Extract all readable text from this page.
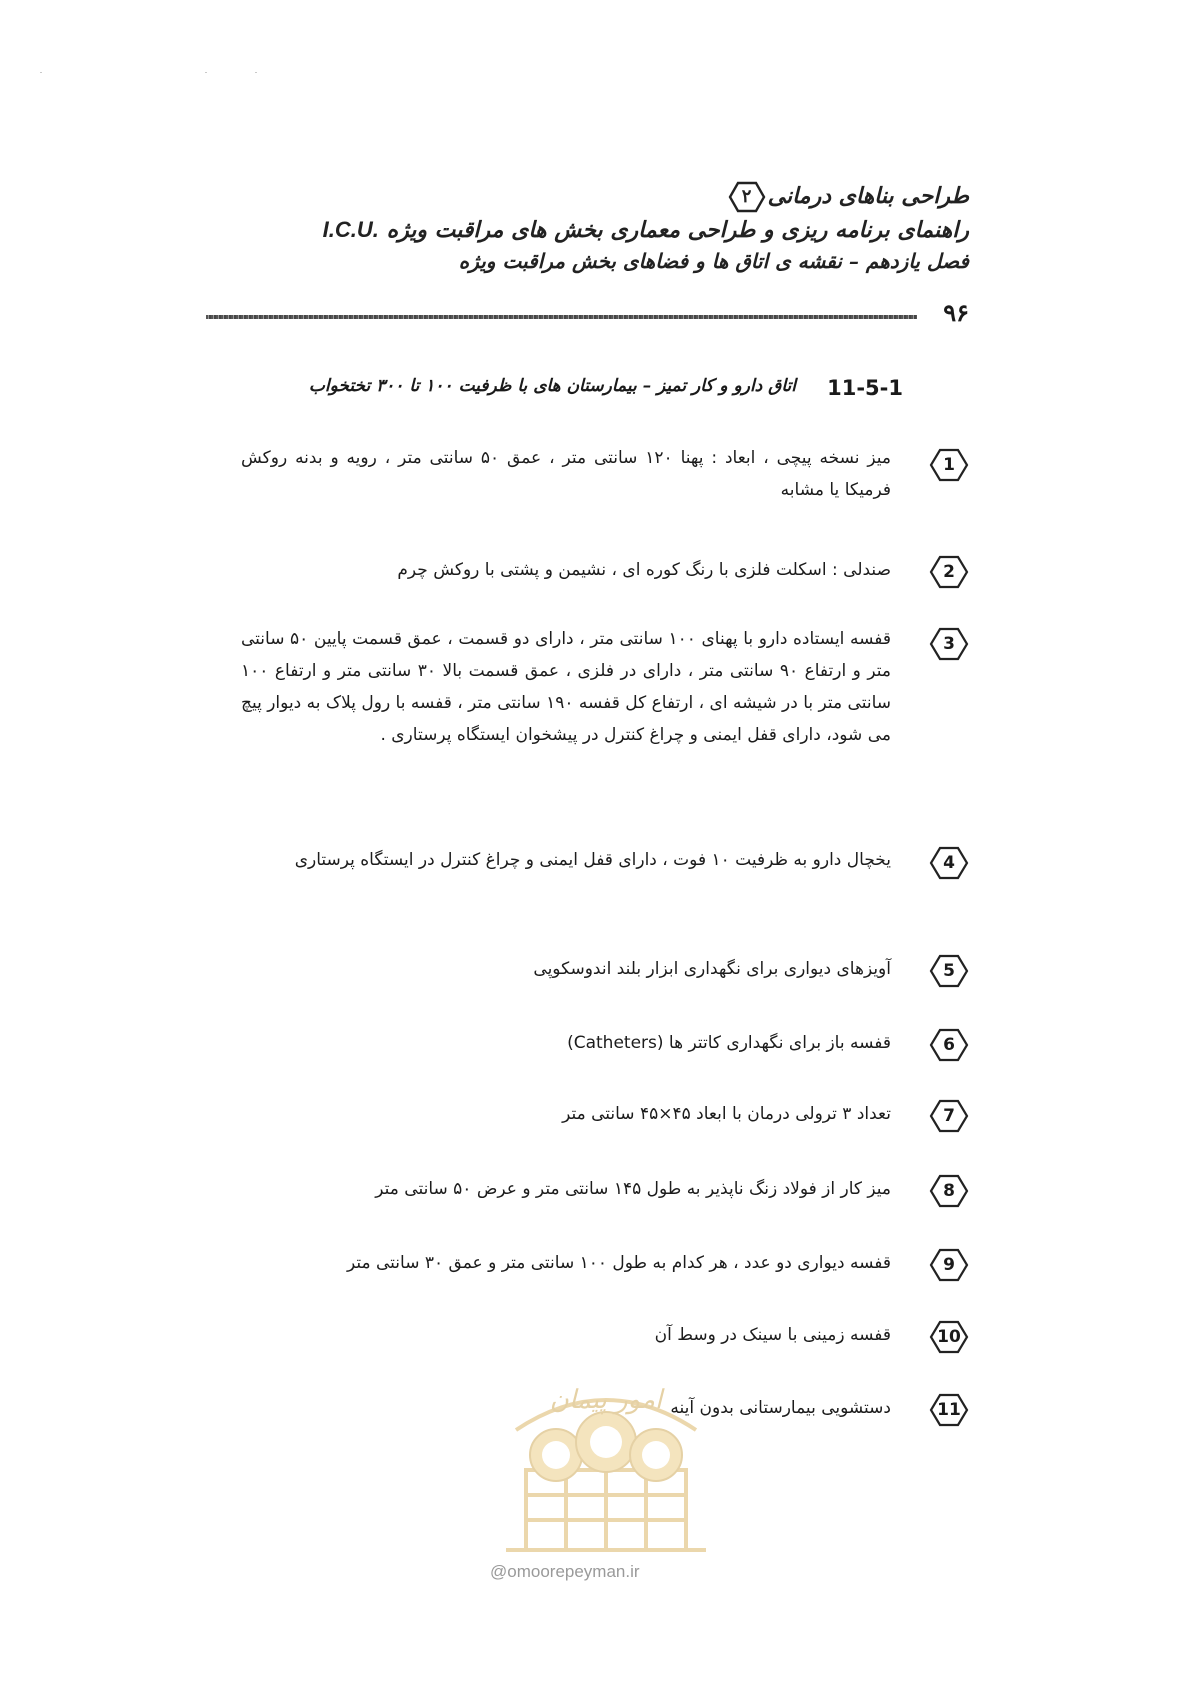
طراحی بناهای درمانی
۲
راهنمای برنامه ریزی و طراحی معماری بخش های مراقبت ویژه I.C.U.
فصل یازدهم – نقشه ی اتاق ها و فضاهای بخش مراقبت ویژه
۹۶
11-5-1
اتاق دارو و کار تمیز – بیمارستان های با ظرفیت ۱۰۰ تا ۳۰۰ تختخواب
1
میز نسخه پیچی ، ابعاد : پهنا ۱۲۰ سانتی متر ، عمق ۵۰ سانتی متر ، رویه و بدنه روکش فرمیکا یا مشابه
2
صندلی : اسکلت فلزی با رنگ کوره ای ، نشیمن و پشتی با روکش چرم
3
قفسه ایستاده دارو با پهنای ۱۰۰ سانتی متر ، دارای دو قسمت ، عمق قسمت پایین ۵۰ سانتی متر و ارتفاع ۹۰ سانتی متر ، دارای در فلزی ، عمق قسمت بالا ۳۰ سانتی متر و ارتفاع ۱۰۰ سانتی متر با در شیشه ای ، ارتفاع کل قفسه ۱۹۰ سانتی متر ، قفسه با رول پلاک به دیوار پیچ می شود، دارای قفل ایمنی و چراغ کنترل در پیشخوان ایستگاه پرستاری .
4
یخچال دارو به ظرفیت ۱۰ فوت ، دارای قفل ایمنی و چراغ کنترل در ایستگاه پرستاری
5
آویزهای دیواری برای نگهداری ابزار بلند اندوسکوپی
6
قفسه باز برای نگهداری کاتتر ها (Catheters)
7
تعداد ۳ ترولی درمان با ابعاد ۴۵×۴۵ سانتی متر
8
میز کار از فولاد زنگ ناپذیر به طول ۱۴۵ سانتی متر و عرض ۵۰ سانتی متر
9
قفسه دیواری دو عدد ، هر کدام به طول ۱۰۰ سانتی متر و عمق ۳۰ سانتی متر
10
قفسه زمینی با سینک در وسط آن
11
دستشویی بیمارستانی بدون آینه
امور پیمان
@omoorepeyman.ir
